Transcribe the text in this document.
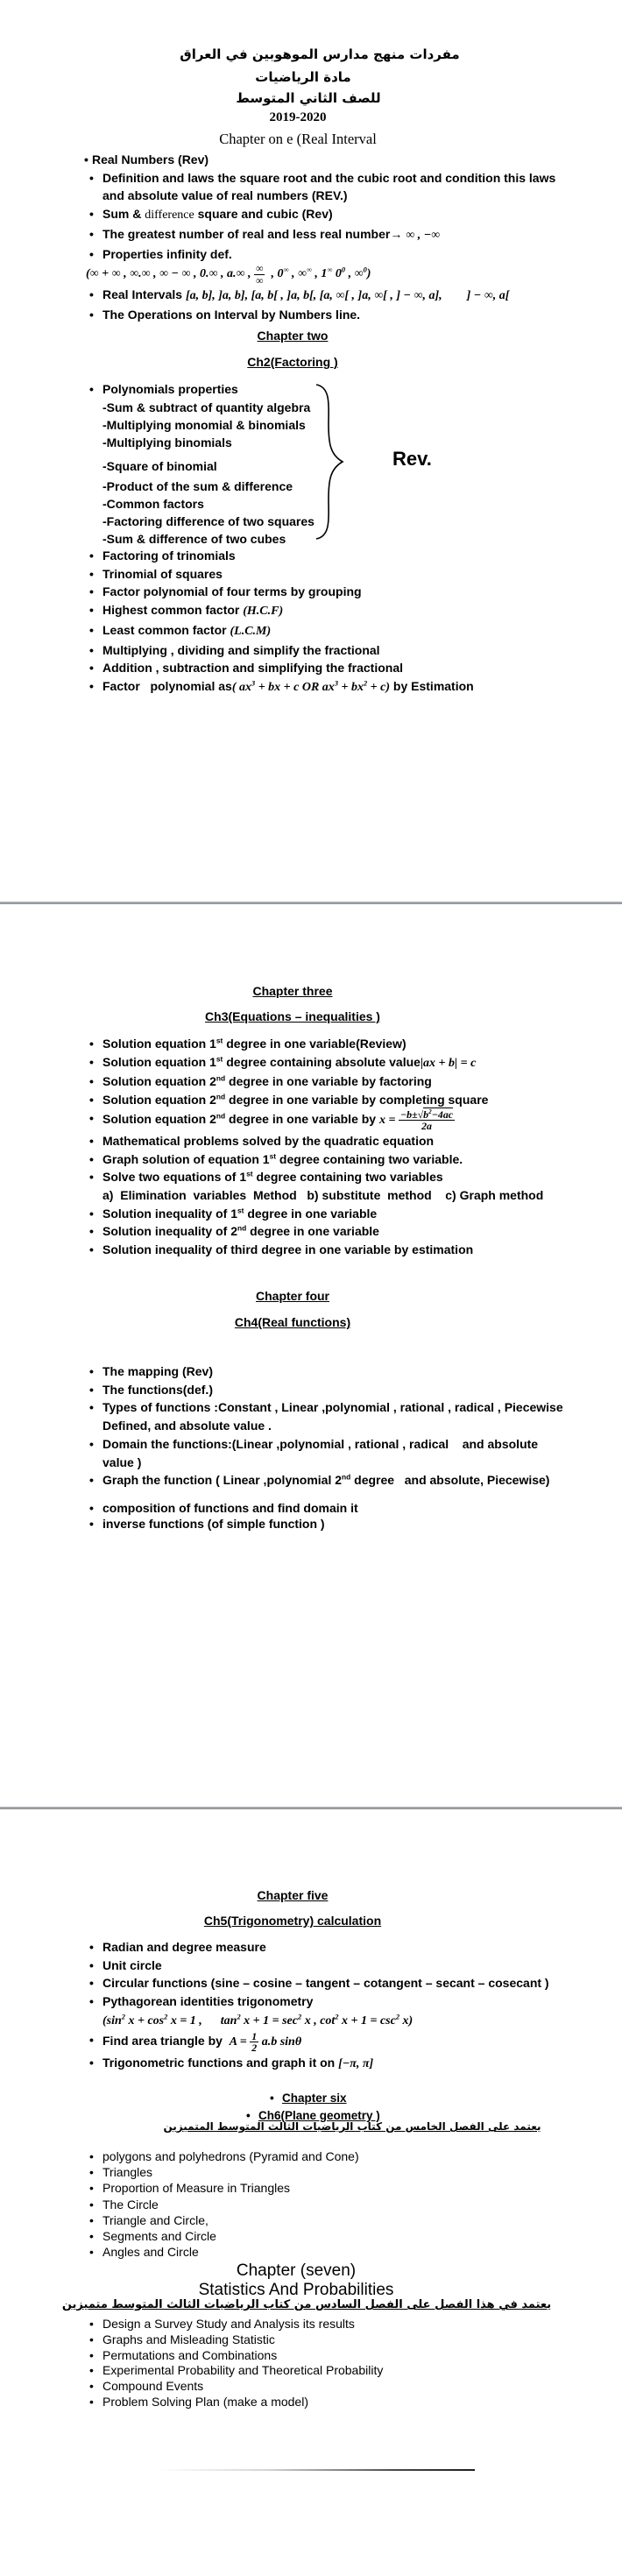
مفردات منهج مدارس الموهوبين في العراق
مادة الرياضيات
للصف الثاني المتوسط
2019-2020
Chapter on e (Real Interval
• Real Numbers (Rev)
• Definition and laws the square root and the cubic root and condition this laws
and absolute value of real numbers (REV.)
• Sum & difference square and cubic (Rev)
• The greatest number of real and less real number→ ∞ , −∞
• Properties infinity def.
(∞ + ∞ , ∞.∞ , ∞ − ∞ , 0.∞ , a.∞ , $\frac{\infty}{\infty}$ , 0∞ , ∞∞ , 1∞ $0^0$ , ∞$^0$)
• Real Intervals [a, b], ]a, b], [a, b[ , ]a, b[, [a, ∞[ , ]a, ∞[ , ] − ∞, a],        ] − ∞, a[
• The Operations on Interval by Numbers line.
Chapter two
Ch2(Factoring )
• Polynomials properties
-Sum & subtract of quantity algebra
-Multiplying monomial & binomials
-Multiplying binomials
-Square of binomial
-Product of the sum & difference
-Common factors
-Factoring difference of two squares
-Sum & difference of two cubes
Rev.
• Factoring of trinomials
• Trinomial of squares
• Factor polynomial of four terms by grouping
• Highest common factor (H.C.F)
• Least common factor (L.C.M)
• Multiplying , dividing and simplify the fractional
• Addition , subtraction and simplifying the fractional
• Factor   polynomial as( $ax^3$ + bx + c OR $ax^3 + bx^2 + c$) by Estimation
Chapter three
Ch3(Equations – inequalities )
• Solution equation 1st degree in one variable(Review)
• Solution equation 1st degree containing absolute value|ax + b| = c
• Solution equation 2nd degree in one variable by factoring
• Solution equation 2nd degree in one variable by completing square
• Solution equation 2nd degree in one variable by $x = \frac{-b\pm√b^2-4ac}{2a}$
• Mathematical problems solved by the quadratic equation
• Graph solution of equation 1st degree containing two variable.
• Solve two equations of 1st degree containing two variables
a)  Elimination  variables  Method   b) substitute  method    c) Graph method
• Solution inequality of 1st degree in one variable
• Solution inequality of 2nd degree in one variable
• Solution inequality of third degree in one variable by estimation
Chapter four
Ch4(Real functions)
• The mapping (Rev)
• The functions(def.)
• Types of functions :Constant , Linear ,polynomial , rational , radical , Piecewise
Defined, and absolute value .
• Domain the functions:(Linear ,polynomial , rational , radical    and absolute
value )
• Graph the function ( Linear ,polynomial 2nd degree   and absolute, Piecewise)
• composition of functions and find domain it
• inverse functions (of simple function )
Chapter five
Ch5(Trigonometry) calculation
• Radian and degree measure
• Unit circle
• Circular functions (sine – cosine – tangent – cotangent – secant – cosecant )
• Pythagorean identities trigonometry
($\sin^2$ $x + \cos^2 x = 1$ ,      $\tan^2 x + 1 = \sec^2 x$ , $\cot^2 x + 1 = \csc^2 x$)
• Find area triangle by  $A = \frac{1}{2} a.b$ sinθ
• Trigonometric functions and graph it on [−π, π]
• Chapter six
• Ch6(Plane geometry )
يعتمد على الفصل الخامس من كتاب الرياضيات الثالث المتوسط المتميزين
• polygons and polyhedrons (Pyramid and Cone)
• Triangles
• Proportion of Measure in Triangles
• The Circle
• Triangle and Circle,
• Segments and Circle
• Angles and Circle
Chapter (seven)
Statistics And Probabilities
يعتمد في هذا الفصل على الفصل السادس من كتاب الرياضيات الثالث المتوسط متميزين
• Design a Survey Study and Analysis its results
• Graphs and Misleading Statistic
• Permutations and Combinations
• Experimental Probability and Theoretical Probability
• Compound Events
• Problem Solving Plan (make a model)
